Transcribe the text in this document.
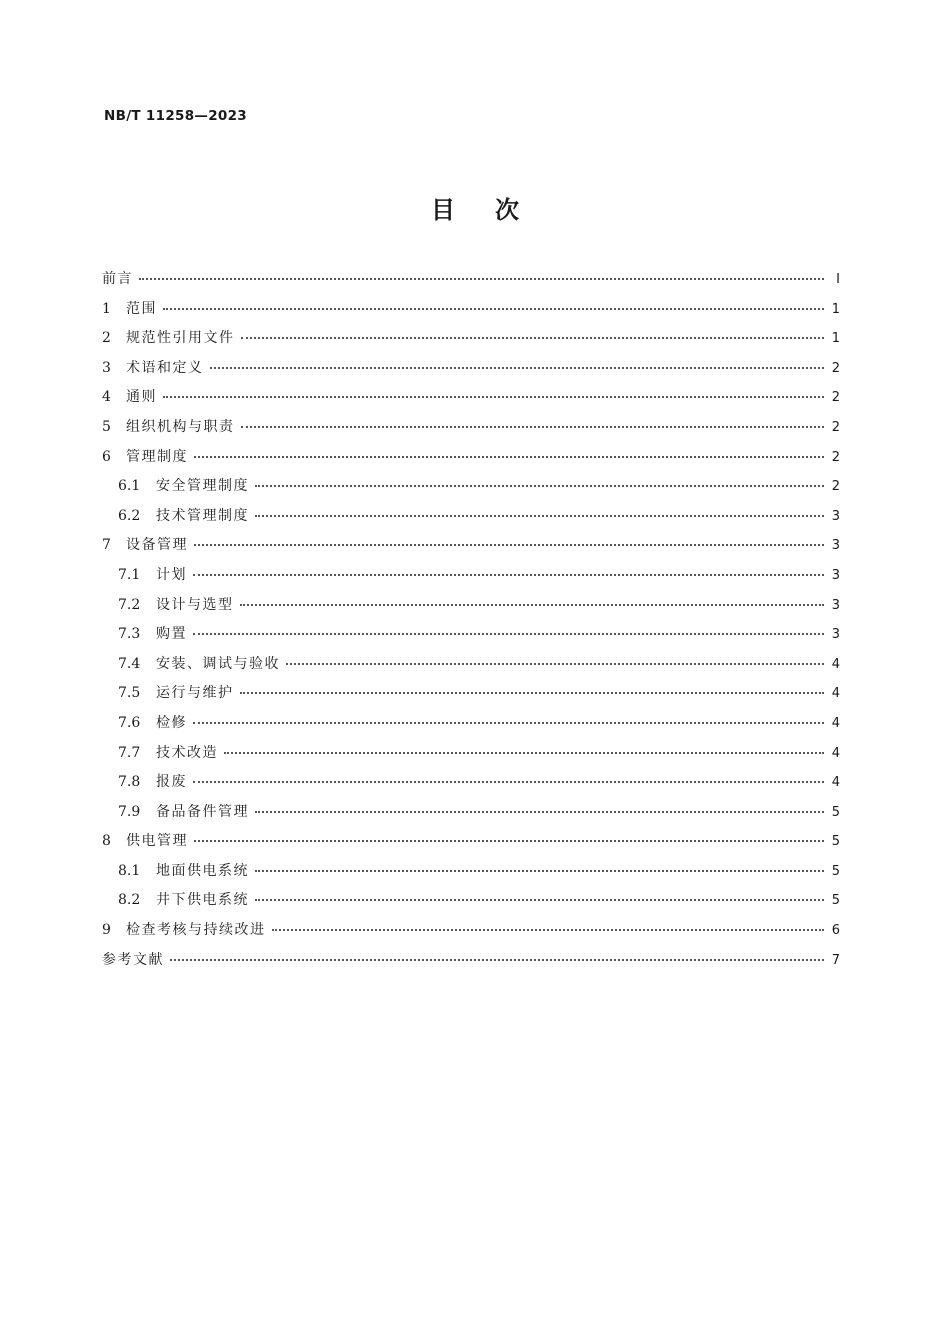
NB/T 11258—2023
目次
前言	Ⅰ
1	范围	1
2	规范性引用文件	1
3	术语和定义	2
4	通则	2
5	组织机构与职责	2
6	管理制度	2
6.1	安全管理制度	2
6.2	技术管理制度	3
7	设备管理	3
7.1	计划	3
7.2	设计与选型	3
7.3	购置	3
7.4	安装、调试与验收	4
7.5	运行与维护	4
7.6	检修	4
7.7	技术改造	4
7.8	报废	4
7.9	备品备件管理	5
8	供电管理	5
8.1	地面供电系统	5
8.2	井下供电系统	5
9	检查考核与持续改进	6
参考文献	7
